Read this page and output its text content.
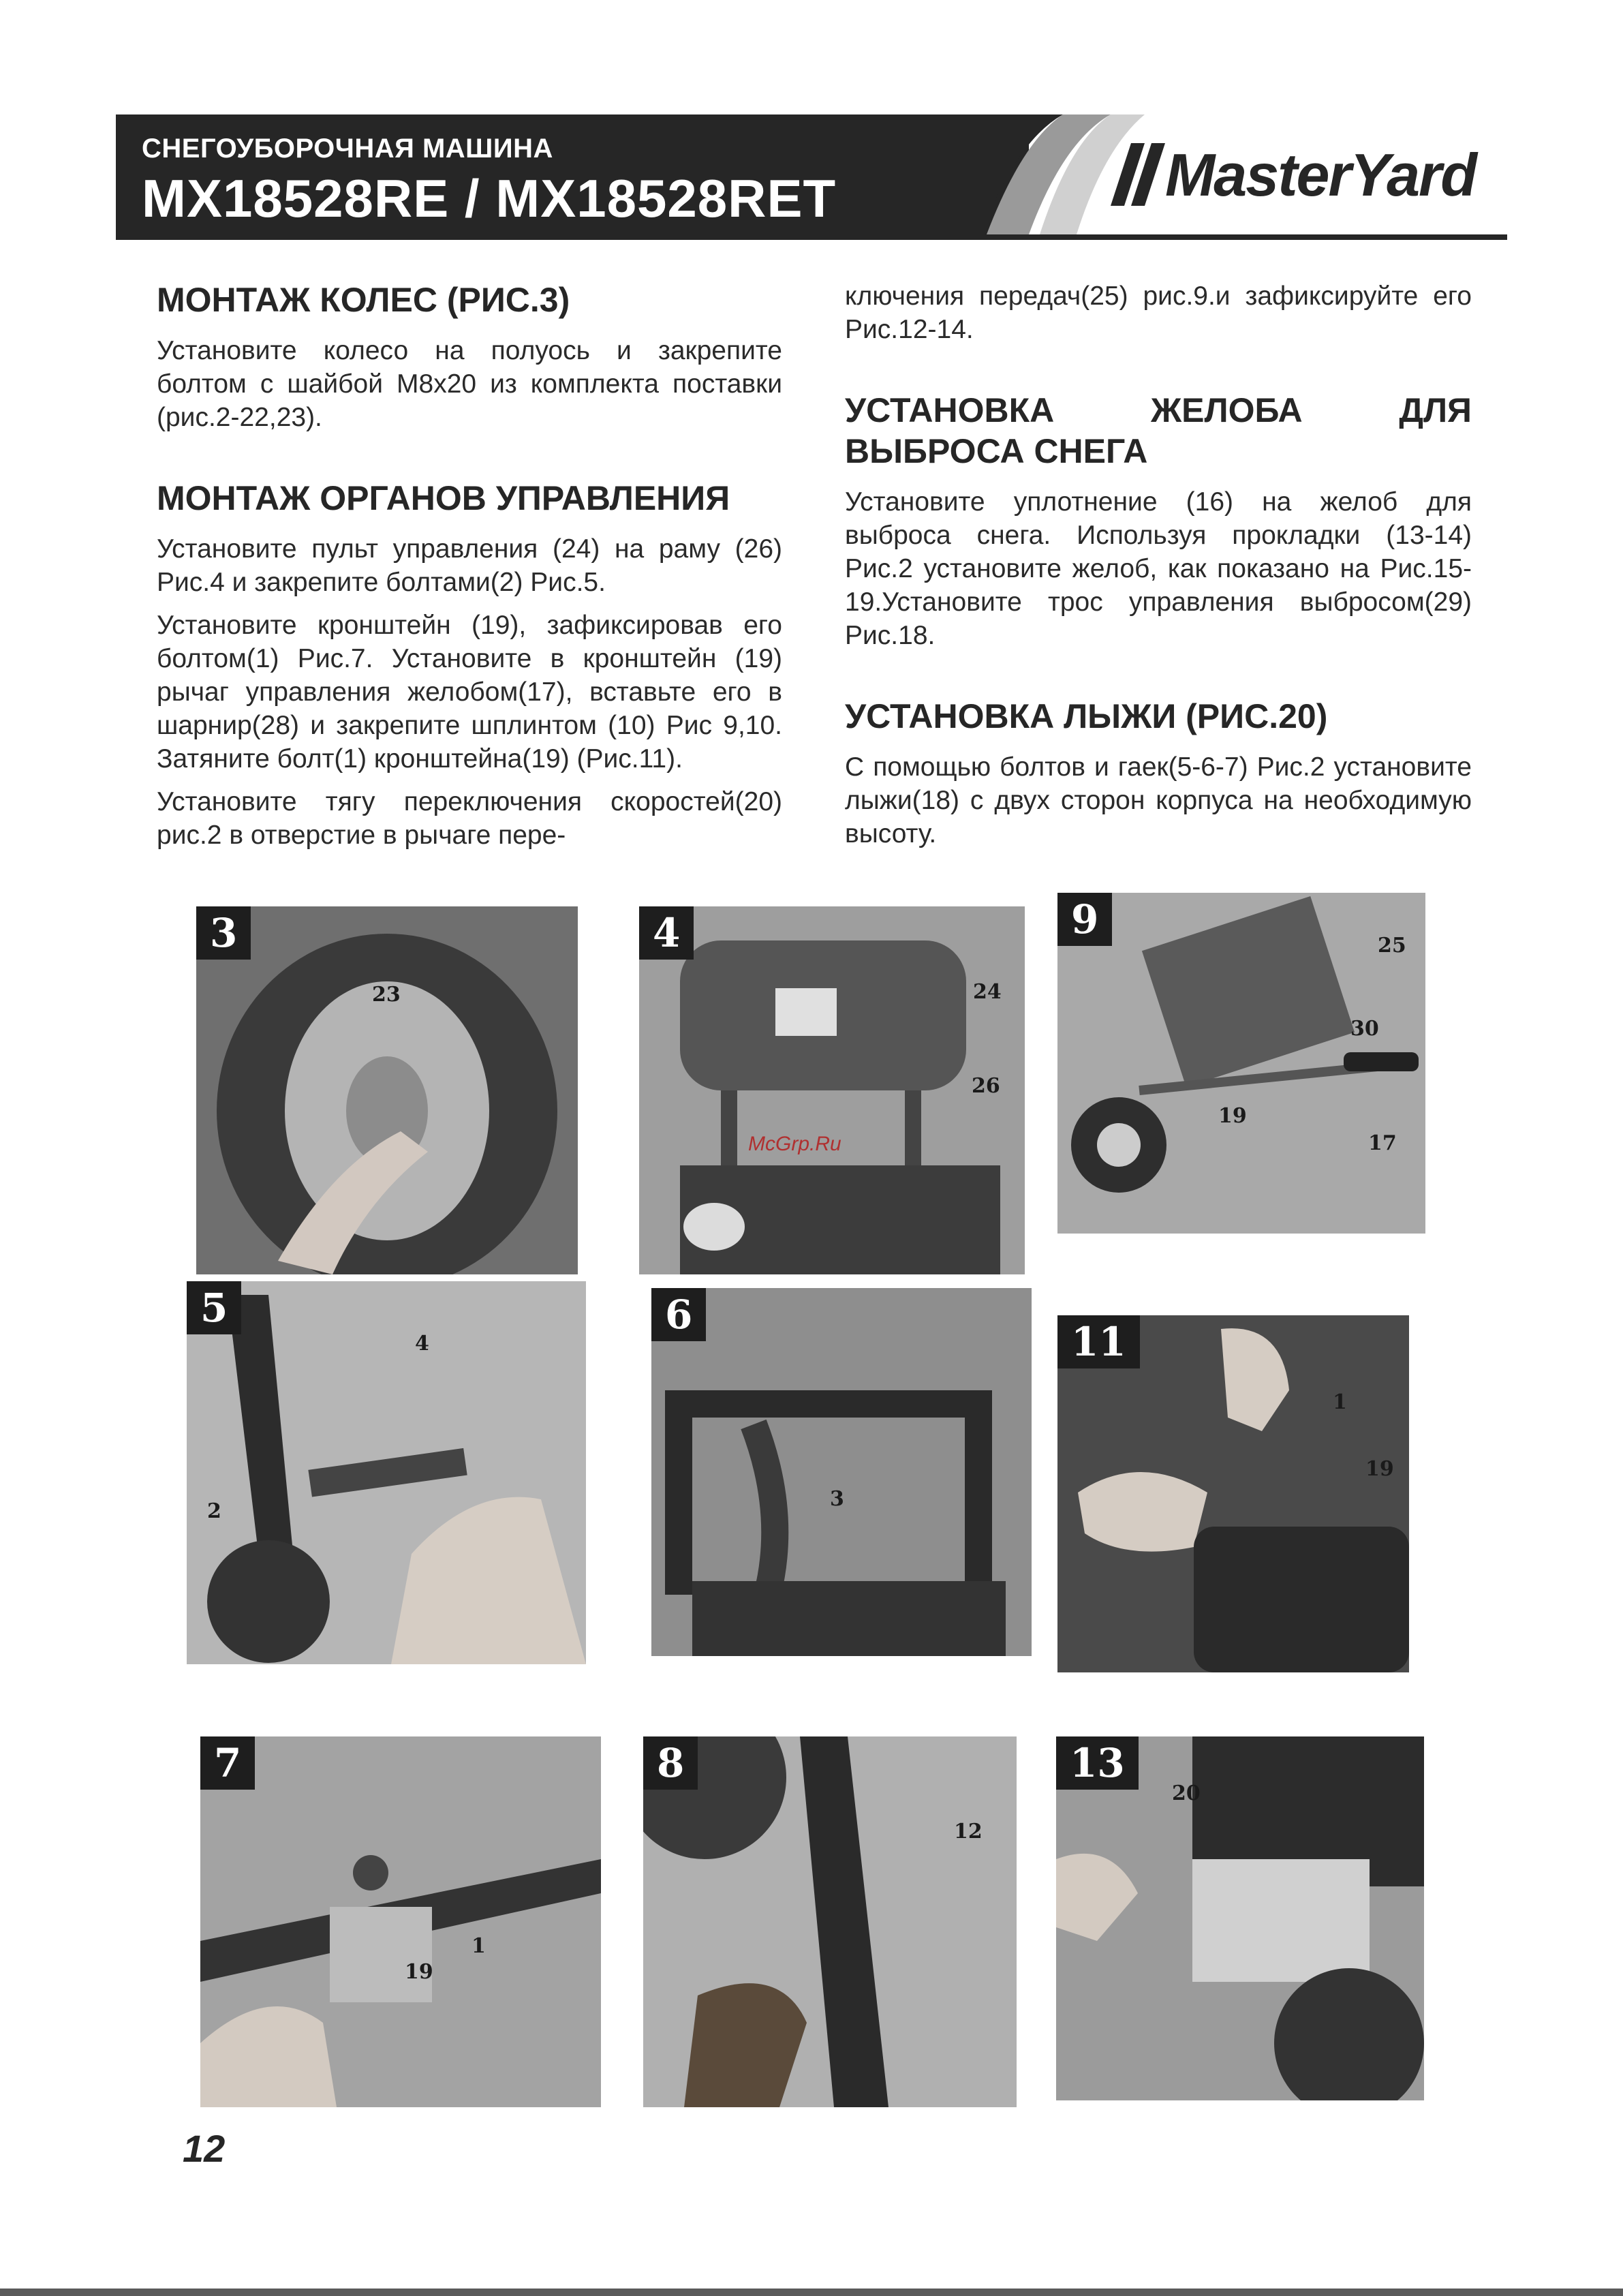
СНЕГОУБОРОЧНАЯ МАШИНА
MX18528RE / MX18528RET	MasterYard
МОНТАЖ КОЛЕС (РИС.3)

Установите колесо на полуось и закрепите болтом с шайбой М8х20 из комплекта поставки (рис.2-22,23).

МОНТАЖ ОРГАНОВ УПРАВЛЕНИЯ

Установите пульт управления (24) на раму (26) Рис.4 и закрепите болтами(2) Рис.5.

Установите кронштейн (19), зафиксировав его болтом(1) Рис.7. Установите в кронштейн (19) рычаг управления желобом(17), вставьте его в шарнир(28) и закрепите шплинтом (10) Рис 9,10. Затяните болт(1) кронштейна(19) (Рис.11).

Установите тягу переключения скоростей(20) рис.2 в отверстие в рычаге пере-

ключения передач(25) рис.9.и зафиксируйте его Рис.12-14.

УСТАНОВКА ЖЕЛОБА ДЛЯ ВЫБРОСА СНЕГА

Установите уплотнение (16) на желоб для выброса снега. Используя прокладки (13-14) Рис.2 установите желоб, как показано на Рис.15-19.Установите трос управления выбросом(29) Рис.18.

УСТАНОВКА ЛЫЖИ (РИС.20)

С помощью болтов и гаек(5-6-7) Рис.2 установите лыжи(18) с двух сторон корпуса на необходимую высоту.

3
23
4
24
26
McGrp.Ru
9
25
30
19
17
5
4
2
6
3
11
1
19
7
1
19
8
12
13
20
12
